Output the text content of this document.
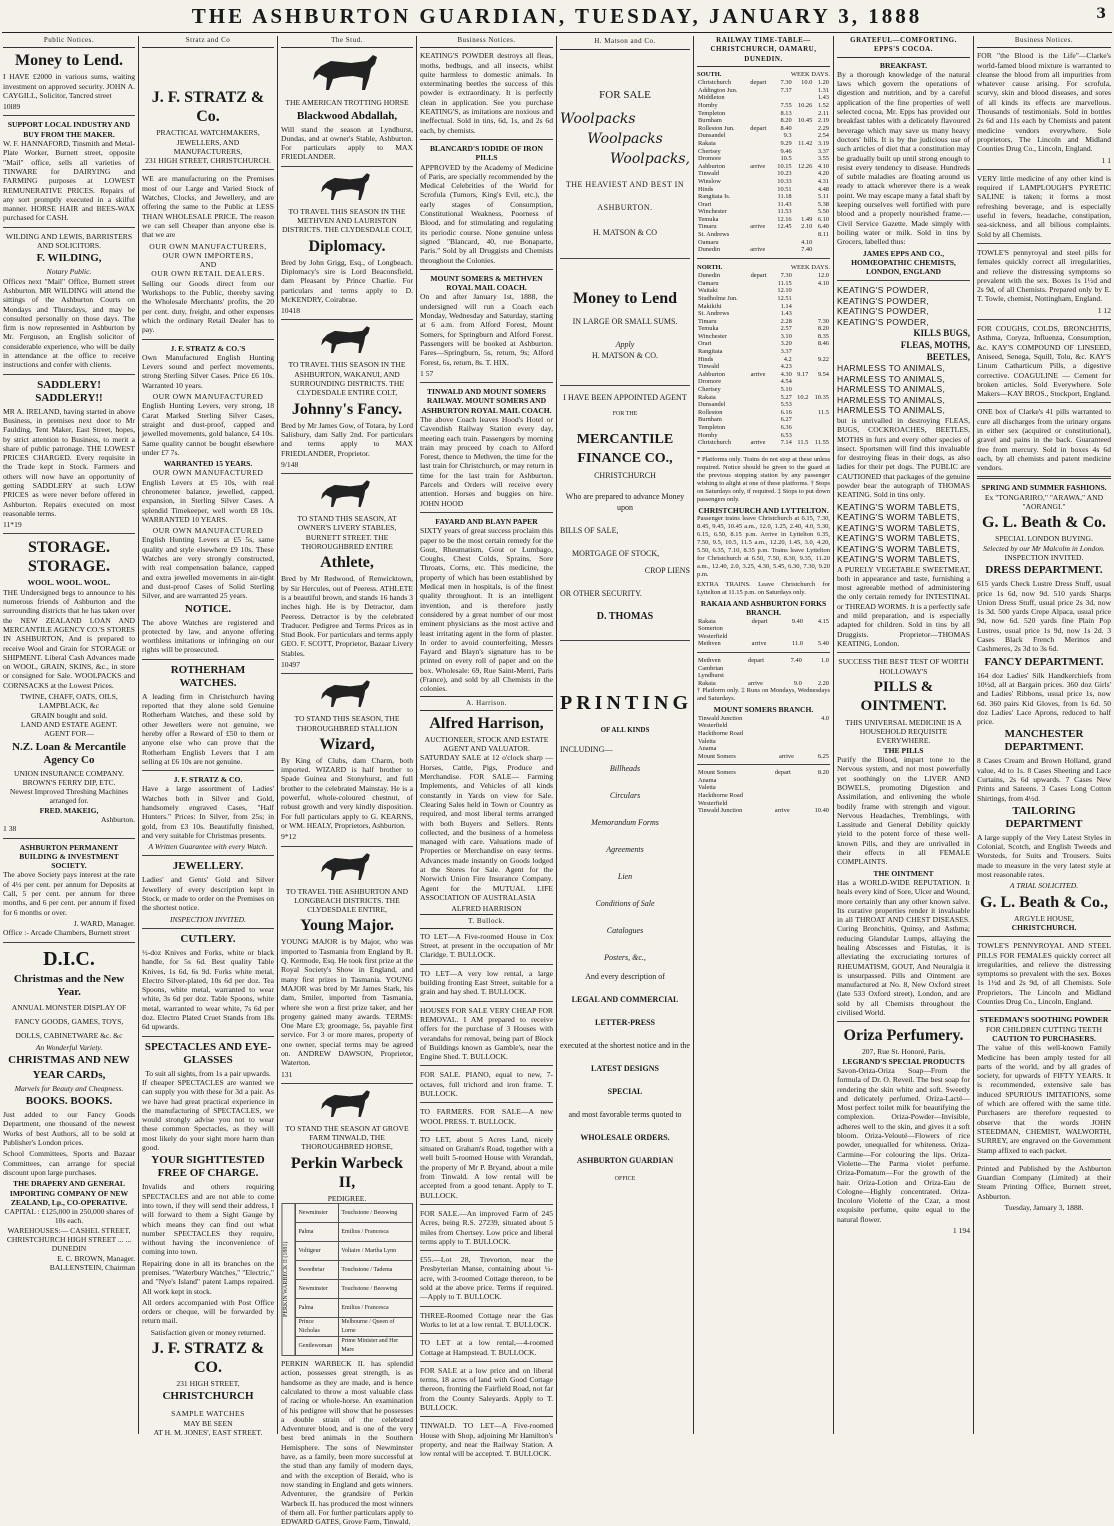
THE ASHBURTON GUARDIAN, TUESDAY, JANUARY 3, 1888	3
Public Notices.
Money to Lend.

I HAVE £2000 in various sums, waiting investment on approved security. JOHN A. CAYGILL, Solicitor, Tancred street

10l89
SUPPORT LOCAL INDUSTRY AND BUY FROM THE MAKER.

W. F. HANNAFORD, Tinsmith and Metal-Plate Worker, Burnett street, opposite "Mail" office, sells all varieties of TINWARE for DAIRYING and FARMING purposes at LOWEST REMUNERATIVE PRICES. Repairs of any sort promptly executed in a skilful manner. HORSE HAIR and BEES-WAX purchased for CASH.

WILDING AND LEWIS, BARRISTERS AND SOLICITORS.
F. WILDING,
Notary Public.

Offices next "Mail" Office, Burnett street Ashburton. MR WILDING will attend the sittings of the Ashburton Courts on Mondays and Thursdays, and may be consulted personally on those days. The firm is now represented in Ashburton by Mr. Ferguson, an English solicitor of considerable experience, who will be daily in attendance at the office to receive instructions and confer with clients.

SADDLERY! SADDLERY!!

MR A. IRELAND, having started in above Business, in premises next door to Mr Faulding, Tent Maker, East Street, hopes, by strict attention to Business, to merit a share of public patronage. THE LOWEST PRICES CHARGED. Every requisite in the Trade kept in Stock. Farmers and others will now have an opportunity of getting SADDLERY at such LOW PRICES as were never before offered in Ashburton. Repairs executed on most reasonable terms.

11*19
STORAGE. STORAGE.
WOOL. WOOL. WOOL.

THE Undersigned begs to announce to his numerous friends of Ashburton and the surrounding districts that he has taken over the NEW ZEALAND LOAN AND MERCANTILE AGENCY CO.'S STORES IN ASHBURTON, And is prepared to receive Wool and Grain for STORAGE or SHIPMENT. Liberal Cash Advances made on WOOL, GRAIN, SKINS, &c., in store or consigned for Sale. WOOLPACKS and CORNSACKS at the Lowest Prices.

TWINE, CHAFF, OATS, OILS, LAMPBLACK, &c
GRAIN bought and sold.
LAND AND ESTATE AGENT.
AGENT FOR—
N.Z. Loan & Mercantile Agency Co
UNION INSURANCE COMPANY. BROWN'S FERRY DIP, ETC.
Newest Improved Threshing Machines arranged for.
FRED. MAKEIG,
Ashburton.
1 38
ASHBURTON PERMANENT BUILDING & INVESTMENT SOCIETY.

The above Society pays interest at the rate of 4½ per cent. per annum for Deposits at Call, 5 per cent. per annum for three months, and 6 per cent. per annum if fixed for 6 months or over.

J. WARD, Manager.
Office :- Arcade Chambers, Burnett street
D.I.C.
Christmas and the New Year.
ANNUAL MONSTER DISPLAY OF FANCY GOODS, GAMES, TOYS, DOLLS, CABINETWARE &c. &c
An Wonderful Variety.
CHRISTMAS AND NEW
YEAR CARDs,
Marvels for Beauty and Cheapness.
BOOKS. BOOKS.

Just added to our Fancy Goods Department, one thousand of the newest Works of best Authors, all to be sold at Publisher's London prices.

School Committees, Sports and Bazaar Committees, can arrange for special discount upon large purchases.

THE DRAPERY AND GENERAL IMPORTING COMPANY OF NEW ZEALAND, Lp., CO-OPERATIVE.
CAPITAL : £125,000 in 250,000 shares of 10s each.
WAREHOUSES:— CASHEL STREET, CHRISTCHURCH HIGH STREET ... ... DUNEDIN
E. C. BROWN, Manager.
BALLENSTEIN, Chairman
Stratz and Co
J. F. STRATZ & Co.
PRACTICAL WATCHMAKERS, JEWELLERS, AND MANUFACTURERS,
231 HIGH STREET, CHRISTCHURCH.

WE are manufacturing on the Premises most of our Large and Varied Stock of Watches, Clocks, and Jewellery, and are offering the same to the Public at LESS THAN WHOLESALE PRICE. The reason we can sell Cheaper than anyone else is that we are

OUR OWN MANUFACTURERS,
OUR OWN IMPORTERS,
AND
OUR OWN RETAIL DEALERS.

Selling our Goods direct from our Workshops to the Public, thereby saving the Wholesale Merchants' profits, the 20 per cent. duty, freight, and other expenses which the ordinary Retail Dealer has to pay.

J. F. STRATZ & CO.'S

Own Manufactured English Hunting Levers sound and perfect movements, strong Sterling Silver Cases. Price £6 10s. Warranted 10 years.

OUR OWN MANUFACTURED

English Hunting Levers, very strong, 18 Carat Marked Sterling Silver Cases, straight and dust-proof, capped and jewelled movements, gold balance, £4 10s. Same quality cannot be bought elsewhere under £7 7s.

WARRANTED 15 YEARS.
OUR OWN MANUFACTURED

English Levers at £5 10s, with real chronometer balance, jewelled, capped, expansion, in Sterling Silver Cases. A splendid Timekeeper, well worth £8 10s. WARRANTED 10 YEARS.

OUR OWN MANUFACTURED

English Hunting Levers at £5 5s, same quality and style elsewhere £9 10s. These Watches are very strongly constructed, with real compensation balance, capped and extra jewelled movements in air-tight and dust-proof Cases of Solid Sterling Silver, and are warranted 25 years.

NOTICE.

The above Watches are registered and protected by law, and anyone offering worthless imitations or infringing on our rights will be prosecuted.

ROTHERHAM WATCHES.

A leading firm in Christchurch having reported that they alone sold Genuine Rotherham Watches, and these sold by other Jewellers were not genuine, we hereby offer a Reward of £50 to them or anyone else who can prove that the Rotherham English Levers that I am selling at £6 10s are not genuine.

J. F. STRATZ & CO.

Have a large assortment of Ladies' Watches both in Silver and Gold, handsomely engraved Cases, "Half Hunters." Prices: In Silver, from 25s; in gold, from £3 10s. Beautifully finished, and very suitable for Christmas presents.

A Written Guarantee with every Watch.
JEWELLERY.

Ladies' and Gents' Gold and Silver Jewellery of every description kept in Stock, or made to order on the Premises on the shortest notice.

INSPECTION INVITED.
CUTLERY.

½-doz Knives and Forks, white or black handle, for 5s 6d. Best quality Table Knives, 1s 6d, 6s 9d. Forks white metal, Electro Silver-plated, 10s 6d per doz. Tea Spoons, white metal, warranted to wear white, 3s 6d per doz. Table Spoons, white metal, warranted to wear white, 7s 6d per doz. Electro Plated Cruet Stands from 18s 6d upwards.

SPECTACLES AND EYE-GLASSES
To suit all sights, from 1s a pair upwards.

If cheaper SPECTACLES are wanted we can supply you with these for 3d a pair. As we have had great practical experience in the manufacturing of SPECTACLES, we would strongly advise you not to wear these common Spectacles, as they will most likely do your sight more harm than good.

YOUR SIGHTTESTED FREE OF CHARGE.

Invalids and others requiring SPECTACLES and are not able to come into town, if they will send their address, I will forward to them a Sight Gauge by which means they can find out what number SPECTACLES they require, without having the inconvenience of coming into town.

Repairing done in all its branches on the premises. "Waterbury Watches," "Electric," and "Nye's Island" patent Lamps repaired. All work kept in stock.

All orders accompanied with Post Office orders or cheque, will be forwarded by return mail.

Satisfaction given or money returned.
J. F. STRATZ & CO.
231 HIGH STREET,
CHRISTCHURCH
SAMPLE WATCHES
MAY BE SEEN
AT H. M. JONES', EAST STREET.
The Stud.
THE AMERICAN TROTTING HORSE
Blackwood Abdallah,

Will stand the season at Lyndhurst, Dundas, and at owner's Stable, Ashburton. For particulars apply to MAX FRIEDLANDER.

TO TRAVEL THIS SEASON IN THE METHVEN AND LAURISTON DISTRICTS. THE CLYDESDALE COLT,
Diplomacy.

Bred by John Grigg, Esq., of Longbeach. Diplomacy's sire is Lord Beaconsfield, dam Pleasant by Prince Charlie. For particulars and terms apply to D. McKENDRY, Coirabrae.

10418
TO TRAVEL THIS SEASON IN THE ASHBURTON, WAKANUI, AND SURROUNDING DISTRICTS. THE CLYDESDALE ENTIRE COLT,
Johnny's Fancy.

Bred by Mr James Gow, of Totara, by Lord Salisbury, dam Sally 2nd. For particulars and terms apply to MAX FRIEDLANDER, Proprietor.

9/148
TO STAND THIS SEASON, AT OWNER'S LIVERY STABLES, BURNETT STREET. THE THOROUGHBRED ENTIRE
Athlete,

Bred by Mr Redwood, of Renwicktown, by Sir Hercules, out of Peeress. ATHLETE is a beautiful brown, and stands 16 hands 3 inches high. He is by Detractor, dam Peeress. Detractor is by the celebrated Traducer. Pedigree and Terms Prices as in Stud Book. For particulars and terms apply GEO. F. SCOTT, Proprietor, Bazaar Livery Stables.

10497
TO STAND THIS SEASON, THE THOROUGHBRED STALLION
Wizard,

By King of Clubs, dam Charm, both imported. WIZARD is half brother to Spade Guinea and Stonyhurst, and full brother to the celebrated Mainstay. He is a powerful, whole-coloured chestnut, of robust growth and very kindly disposition. For full particulars apply to G. KEARNS, or WM. HEALY, Proprietors, Ashburton.

9*12
TO TRAVEL THE ASHBURTON AND LONGBEACH DISTRICTS. THE CLYDESDALE ENTIRE,
Young Major.

YOUNG MAJOR is by Major, who was imported to Tasmania from England by R. Q. Kermode, Esq. He took first prize at the Royal Society's Show in England, and many first prizes in Tasmania. YOUNG MAJOR was bred by Mr James Stark, his dam, Smiler, imported from Tasmania, where she won a first prize taker, and her progeny gained many awards. TERMS: One Mare £3; groomage, 5s, payable first service. For 3 or more mares, property of one owner, special terms may be agreed on. ANDREW DAWSON, Proprietor, Waterton.

131
TO STAND THE SEASON AT GROVE FARM TINWALD, THE THOROUGHBRED HORSE,
Perkin Warbeck II,
PEDIGREE.
PERKIN WARBECK II (1881)
Newminster	Touchstone / Beeswing
Palma	Emilius / Francesca
Voltigeur	Voltaire / Martha Lynn
Sweetbriar	Touchstone / Tadema
Newminster	Touchstone / Beeswing
Palma	Emilius / Francesca
Prince Nicholas	Melbourne / Queen of Lorne
Gentlewoman	Prime Minister and Her Mare

PERKIN WARBECK II. has splendid action, possesses great strength, is as handsome as they are made, and is hence calculated to throw a most valuable class of racing or whole-horse. An examination of his pedigree will show that he possesses a double strain of the celebrated Adventurer blood, and is one of the very best bred animals in the Southern Hemisphere. The sons of Newminster have, as a family, been more successful at the stud than any family of modern days, and with the exception of Beraid, who is now standing in England and gets winners. Adventurer, the grandsire of Perkin Warbeck II. has produced the most winners of them all. For further particulars apply to EDWARD GATES, Grove Farm, Tinwald.

Business Notices.

KEATING'S POWDER destroys all fleas, moths, bedbugs, and all insects, whilst quite harmless to domestic animals. In exterminating beetles the success of this powder is extraordinary. It is perfectly clean in application. See you purchase KEATING'S, as imitations are noxious and ineffectual. Sold in tins, 6d, 1s, and 2s 6d each, by chemists.

BLANCARD'S IODIDE OF IRON PILLS

APPROVED by the Academy of Medicine of Paris, are specially recommended by the Medical Celebrities of the World for Scrofula (Tumors, King's Evil, etc.), the early stages of Consumption, Constitutional Weakness, Poorness of Blood, and for stimulating and regulating its periodic course. None genuine unless signed "Blancard, 40, rue Bonaparte, Paris." Sold by all Druggists and Chemists throughout the Colonies.

MOUNT SOMERS & METHVEN ROYAL MAIL COACH.

On and after January 1st, 1888, the undersigned will run a Coach each Monday, Wednesday and Saturday, starting at 6 a.m. from Alford Forest, Mount Somers, for Springburn and Alford Forest. Passengers will be booked at Ashburton. Fares—Springburn, 5s, return, 9s; Alford Forest, 6s, return, 8s. T. HIX.

1 57
TINWALD AND MOUNT SOMERS RAILWAY. MOUNT SOMERS AND ASHBURTON ROYAL MAIL COACH.

The above Coach leaves Hood's Hotel or Cavendish Railway Station every day, meeting each train. Passengers by morning train may proceed by coach to Alford Forest, thence to Methven, the time for the last train for Christchurch, or may return in time for the last train for Ashburton. Parcels and Orders will receive every attention. Horses and buggies on hire. JOHN HOOD

FAYARD AND BLAYN PAPER

SIXTY years of great success proclaim this paper to be the most certain remedy for the Gout, Rheumatism, Gout or Lumbago, Coughs, Chest Colds, Sprains, Sore Throats, Corns, etc. This medicine, the property of which has been established by Medical men in hospitals, is of the finest quality throughout. It is an intelligent invention, and is therefore justly considered by a great number of our most eminent physicians as the most active and least irritating agent in the form of plaster. In order to avoid counterfeiting, Messrs Fayard and Blayn's signature has to be printed on every roll of paper and on the box. Wholesale: 69, Rue Saint-Merri, Paris (France), and sold by all Chemists in the colonies.

A. Harrison.
Alfred Harrison,
AUCTIONEER, STOCK AND ESTATE AGENT AND VALUATOR.

SATURDAY SALE at 12 o'clock sharp — Horses, Cattle, Pigs, Produce and Merchandise. FOR SALE— Farming Implements, and Vehicles of all kinds constantly in Yards on view for Sale. Clearing Sales held in Town or Country as required, and most liberal terms arranged with both Buyers and Sellers. Rents collected, and the business of a homeless managed with care. Valuations made of Properties or Merchandise on easy terms. Advances made instantly on Goods lodged at the Stores for Sale. Agent for the Norwich Union Fire Insurance Company. Agent for the MUTUAL LIFE ASSOCIATION OF AUSTRALASIA

ALFRED HARRISON
T. Bullock.

TO LET—A Five-roomed House in Cox Street, at present in the occupation of Mr Claridge. T. BULLOCK.

TO LET—A very low rental, a large building fronting East Street, suitable for a grain and hay shed. T. BULLOCK.

HOUSES FOR SALE VERY CHEAP FOR REMOVAL. I AM prepared to receive offers for the purchase of 3 Houses with verandahs for removal, being part of Block of Buildings known as Gamble's, near the Engine Shed. T. BULLOCK.

FOR SALE. PIANO, equal to new, 7-octaves, full trichord and iron frame. T. BULLOCK.

TO FARMERS. FOR SALE—A new WOOL PRESS. T. BULLOCK.

TO LET, about 5 Acres Land, nicely situated on Graham's Road, together with a well built 5-roomed House with Verandah, the property of Mr P. Bryand, about a mile from Tinwald. A low rental will be accepted from a good tenant. Apply to T. BULLOCK.

FOR SALE.—An improved Farm of 245 Acres, being R.S. 27239, situated about 5 miles from Chertsey. Low price and liberal terms apply to T. BULLOCK.

£55.—Lot 28, Trevorton, near the Presbyterian Manse, containing about ¼-acre, with 3-roomed Cottage thereon, to be sold at the above price. Terms if required.—Apply to T. BULLOCK.

THREE-Roomed Cottage near the Gas Works to let at a low rental. T. BULLOCK.

TO LET at a low rental,—4-roomed Cottage at Hampstead. T. BULLOCK.

FOR SALE at a low price and on liberal terms, 18 acres of land with Good Cottage thereon, fronting the Fairfield Road, not far from the County Saleyards. Apply to T. BULLOCK.

TINWALD. TO LET—A Five-roomed House with Shop, adjoining Mr Hamilton's property, and near the Railway Station. A low rental will be accepted. T. BULLOCK.

H. Matson and Co.
FOR SALE
Woolpacks
Woolpacks
Woolpacks,
THE HEAVIEST AND BEST IN
ASHBURTON.
H. MATSON & CO
Money to Lend
IN LARGE OR SMALL SUMS.
Apply
H. MATSON & CO.
I HAVE BEEN APPOINTED AGENT
FOR THE
MERCANTILE FINANCE CO.,
CHRISTCHURCH
Who are prepared to advance Money upon
BILLS OF SALE,
MORTGAGE OF STOCK,
CROP LIENS
OR OTHER SECURITY.
D. THOMAS
PRINTING
OF ALL KINDS
INCLUDING—
Billheads
Circulars
Memorandum Forms
Agreements
Lien
Conditions of Sale
Catalogues
Posters, &c.,
And every description of
LEGAL AND COMMERCIAL
LETTER-PRESS
executed at the shortest notice and in the
LATEST DESIGNS
SPECIAL
and most favorable terms quoted to
WHOLESALE ORDERS.
ASHBURTON GUARDIAN
OFFICE
RAILWAY TIME-TABLE—CHRISTCHURCH, OAMARU, DUNEDIN.
SOUTH.	WEEK DAYS.
Christchurch	depart	7.30	10.0	1.20
Addington Jun.		7.37		1.31
Middleton				1.43
Hornby		7.55	10.26	1.52
Templeton		8.13		2.11
Burnham		8.20	10.45	2.19
Rolleston Jun.	depart	8.40		2.29
Dunsandel		9.3		2.54
Rakaia		9.29	11.42	3.19
Chertsey		9.46		3.37
Dromore		10.5		3.55
Ashburton	arrive	10.15	12.26	4.10
Tinwald		10.23		4.20
Winslow		10.33		4.31
Hinds		10.51		4.48
Rangitata Is.		11.18		5.11
Orari		11.43		5.38
Winchester		11.53		5.50
Temuka		12.16	1.49	6.10
Timaru	arrive	12.45	2.10	6.40
St. Andrews				8.11
Oamaru			4.10	
Dunedin	arrive		7.40	
NORTH.	WEEK DAYS.
Dunedin	depart	7.30		12.0
Oamaru		11.15		4.10
Waitaki		12.10		
Studholme Jun.		12.51		
Makikihi		1.14		
St. Andrews		1.43		
Timaru		2.28		7.30
Temuka		2.57		8.20
Winchester		3.10		8.35
Orari		3.20		8.46
Rangitata		3.37		
Hinds		4.2		9.22
Tinwald		4.23		
Ashburton	arrive	4.30	9.17	9.54
Dromore		4.54		
Chertsey		5.10		
Rakaia		5.27	10.2	10.35
Dunsandel		5.53		
Rolleston		6.16		11.5
Burnham		6.27		
Templeton		6.36		
Hornby		6.53		
Christchurch	arrive	7.14	11.5	11.55

* Platforms only. Trains do not stop at these unless required. Notice should be given to the guard at the previous stopping station by any passenger wishing to alight at one of these platforms. † Stops on Saturdays only, if required. ‡ Stops to put down passengers only.

CHRISTCHURCH AND LYTTELTON.

Passenger trains leave Christchurch at 6.15, 7.30, 8.45, 9.45, 10.45 a.m., 12.0, 1.25, 2.40, 4.0, 5.30, 6.15, 6.50, 8.15 p.m. Arrive in Lyttelton 6.35, 7.50, 9.5, 10.5, 11.5 a.m., 12.20, 1.45, 3.0, 4.20, 5.50, 6.35, 7.10, 8.35 p.m. Trains leave Lyttelton for Christchurch at 6.50, 7.50, 8.30, 9.35, 11.20 a.m., 12.40, 2.0, 3.25, 4.30, 5.45, 6.30, 7.30, 9.20 p.m.

EXTRA TRAINS. Leave Christchurch for Lyttelton at 11.15 p.m. on Saturdays only.

RAKAIA AND ASHBURTON FORKS BRANCH.
Rakaia	depart	9.40		4.15
Somerton				
Westerfield				
Methven	arrive	11.0		5.40
Methven	depart	7.40		1.0
Cambrian				
Lyndhurst				
Rakaia	arrive	9.0		2.20

† Platform only. ‡ Runs on Mondays, Wednesdays and Saturdays.

MOUNT SOMERS BRANCH.
Tinwald Junction		4.0
Westerfield		
Hackthorne Road		
Valetta		
Anama		
Mount Somers	arrive	6.25
Mount Somers	depart	8.20
Anama		
Valetta		
Hackthorne Road		
Westerfield		
Tinwald Junction	arrive	10.40
GRATEFUL—COMFORTING. EPPS'S COCOA.
BREAKFAST.

By a thorough knowledge of the natural laws which govern the operations of digestion and nutrition, and by a careful application of the fine properties of well selected cocoa, Mr. Epps has provided our breakfast tables with a delicately flavoured beverage which may save us many heavy doctors' bills. It is by the judicious use of such articles of diet that a constitution may be gradually built up until strong enough to resist every tendency to disease. Hundreds of subtle maladies are floating around us ready to attack wherever there is a weak point. We may escape many a fatal shaft by keeping ourselves well fortified with pure blood and a properly nourished frame.—Civil Service Gazette. Made simply with boiling water or milk. Sold in tins by Grocers, labelled thus:

JAMES EPPS AND CO., HOMŒOPATHIC CHEMISTS, LONDON, ENGLAND
KEATING'S POWDER,
KEATING'S POWDER,
KEATING'S POWDER,
KEATING'S POWDER,
KILLS BUGS, FLEAS, MOTHS, BEETLES,
HARMLESS TO ANIMALS,
HARMLESS TO ANIMALS,
HARMLESS TO ANIMALS,
HARMLESS TO ANIMALS,
HARMLESS TO ANIMALS,

but is unrivalled in destroying FLEAS, BUGS, COCKROACHES, BEETLES, MOTHS in furs and every other species of insect. Sportsmen will find this invaluable for destroying fleas in their dogs, as also ladies for their pet dogs. The PUBLIC are CAUTIONED that packages of the genuine powder bear the autograph of THOMAS KEATING. Sold in tins only.

KEATING'S WORM TABLETS,
KEATING'S WORM TABLETS,
KEATING'S WORM TABLETS,
KEATING'S WORM TABLETS,
KEATING'S WORM TABLETS,
KEATING'S WORM TABLETS,

A PURELY VEGETABLE SWEETMEAT, both in appearance and taste, furnishing a most agreeable method of administering the only certain remedy for INTESTINAL or THREAD WORMS. It is a perfectly safe and mild preparation, and is especially adapted for children. Sold in tins by all Druggists. Proprietor—THOMAS KEATING, London.

SUCCESS THE BEST TEST OF WORTH
HOLLOWAY'S
PILLS & OINTMENT.
THIS UNIVERSAL MEDICINE IS A HOUSEHOLD REQUISITE EVERYWHERE.
THE PILLS

Purify the Blood, impart tone to the Nervous system, and not most powerfully yet soothingly on the LIVER AND BOWELS, promoting Digestion and Assimilation, and enlivening the whole bodily frame with strength and vigour. Nervous Headaches, Tremblings, with Lassitude and General Debility quickly yield to the potent force of these well-known Pills, and they are unrivalled in their effects in all FEMALE COMPLAINTS.

THE OINTMENT

Has a WORLD-WIDE REPUTATION. It heals every kind of Sore, Ulcer and Wound, more certainly than any other known salve. Its curative properties render it invaluable in all THROAT AND CHEST DISEASES. Curing Bronchitis, Quinsy, and Asthma; reducing Glandular Lumps, allaying the healing Abscesses and Fistulas, it is alleviating the excruciating tortures of RHEUMATISM, GOUT, And Neuralgia it is unsurpassed. Pills and Ointment are manufactured at No. 8, New Oxford street (late 533 Oxford street), London, and are sold by all Chemists throughout the civilised World.

Oriza Perfumery.
207, Rue St. Honoré, Paris,
LEGRAND'S SPECIAL PRODUCTS

Savon-Oriza-Oriza Soap—From the formula of Dr. O. Reveil. The best soap for rendering the skin white and soft. Sweetly and delicately perfumed. Oriza-Lacté—Most perfect toilet milk for beautifying the complexion. Oriza-Powder—Invisible, adheres well to the skin, and gives it a soft bloom. Oriza-Velouté—Flowers of rice powder, unequalled for whiteness. Oriza-Carmine—For colouring the lips. Oriza-Violette—The Parma violet perfume. Oriza-Pomatum—For the growth of the hair. Oriza-Lotion and Oriza-Eau de Cologne—Highly concentrated. Oriza-Incolore Violette of the Czar, a most exquisite perfume, quite equal to the natural flower.

1 194
Business Notices.

FOR "the Blood is the Life"—Clarke's world-famed blood mixture is warranted to cleanse the blood from all impurities from whatever cause arising. For scrofula, scurvy, skin and blood diseases, and sores of all kinds its effects are marvellous. Thousands of testimonials. Sold in bottles 2s 6d and 11s each by Chemists and patent medicine vendors everywhere. Sole proprietors, The Lincoln and Midland Counties Drug Co., Lincoln, England.

1 1

VERY little medicine of any other kind is required if LAMPLOUGH'S PYRETIC SALINE is taken; it forms a most refreshing beverage, and is especially useful in fevers, headache, constipation, sea-sickness, and all bilious complaints. Sold by all Chemists.

TOWLE'S pennyroyal and steel pills for females quickly correct all irregularities, and relieve the distressing symptoms so prevalent with the sex. Boxes 1s 1½d and 2s 9d, of all Chemists. Prepared only by E. T. Towle, chemist, Nottingham, England.

1 12

FOR COUGHS, COLDS, BRONCHITIS, Asthma, Coryza, Influenza, Consumption, &c. KAY'S COMPOUND OF LINSEED, Aniseed, Senega, Squill, Tolu, &c. KAY'S Linum Catharticum Pills, a digestive corrective. COAGULINE — Cement for broken articles. Sold Everywhere. Sole Makers—KAY BROS., Stockport, England.

ONE box of Clarke's 41 pills warranted to cure all discharges from the urinary organs in either sex (acquired or constitutional), gravel and pains in the back. Guaranteed free from mercury. Sold in boxes 4s 6d each, by all chemists and patent medicine vendors.

SPRING AND SUMMER FASHIONS.
Ex "TONGARIRO," "ARAWA," AND "AORANGI."
G. L. Beath & Co.
SPECIAL LONDON BUYING.
Selected by our Mr Malcolm in London.
INSPECTION INVITED.
DRESS DEPARTMENT.

615 yards Check Lustre Dress Stuff, usual price 1s 6d, now 9d. 510 yards Sharps Union Dress Stuff, usual price 2s 3d, now 1s 3d. 500 yards Crepe Alpaca, usual price 9d, now 6d. 520 yards fine Plain Pop Lustres, usual price 1s 9d, now 1s 2d. 3 Cases Black French Merinos and Cashmeres, 2s 3d to 3s 6d.

FANCY DEPARTMENT.

164 doz Ladies' Silk Handkerchiefs from 10½d, all at Bargain prices. 360 doz Girls' and Ladies' Ribbons, usual price 1s, now 6d. 360 pairs Kid Gloves, from 1s 6d. 50 doz Ladies' Lace Aprons, reduced to half price.

MANCHESTER DEPARTMENT.

8 Cases Cream and Brown Holland, grand value, 4d to 1s. 8 Cases Sheeting and Lace Curtains, 2s 6d upwards. 7 Cases New Prints and Sateens. 3 Cases Long Cotton Shirtings, from 4½d.

TAILORING DEPARTMENT

A large supply of the Very Latest Styles in Colonial, Scotch, and English Tweeds and Worsteds, for Suits and Trousers. Suits made to measure in the very latest style at most reasonable rates.

A TRIAL SOLICITED.
G. L. Beath & Co.,
ARGYLE HOUSE,
CHRISTCHURCH.

TOWLE'S PENNYROYAL AND STEEL PILLS FOR FEMALES quickly correct all irregularities, and relieve the distressing symptoms so prevalent with the sex. Boxes 1s 1½d and 2s 9d, of all Chemists. Sole Proprietors, The Lincoln and Midland Counties Drug Co., Lincoln, England.

STEEDMAN'S SOOTHING POWDER
FOR CHILDREN CUTTING TEETH
CAUTION TO PURCHASERS.

The value of this well-known Family Medicine has been amply tested for all parts of the world, and by all grades of society, for upwards of FIFTY YEARS. It is recommended, extensive sale has induced SPURIOUS IMITATIONS, some of which are offered with the same title. Purchasers are therefore requested to observe that the words JOHN STEEDMAN, CHEMIST, WALWORTH, SURREY, are engraved on the Government Stamp affixed to each packet.

Printed and Published by the Ashburton Guardian Company (Limited) at their Steam Printing Office, Burnett street, Ashburton.

Tuesday, January 3, 1888.
